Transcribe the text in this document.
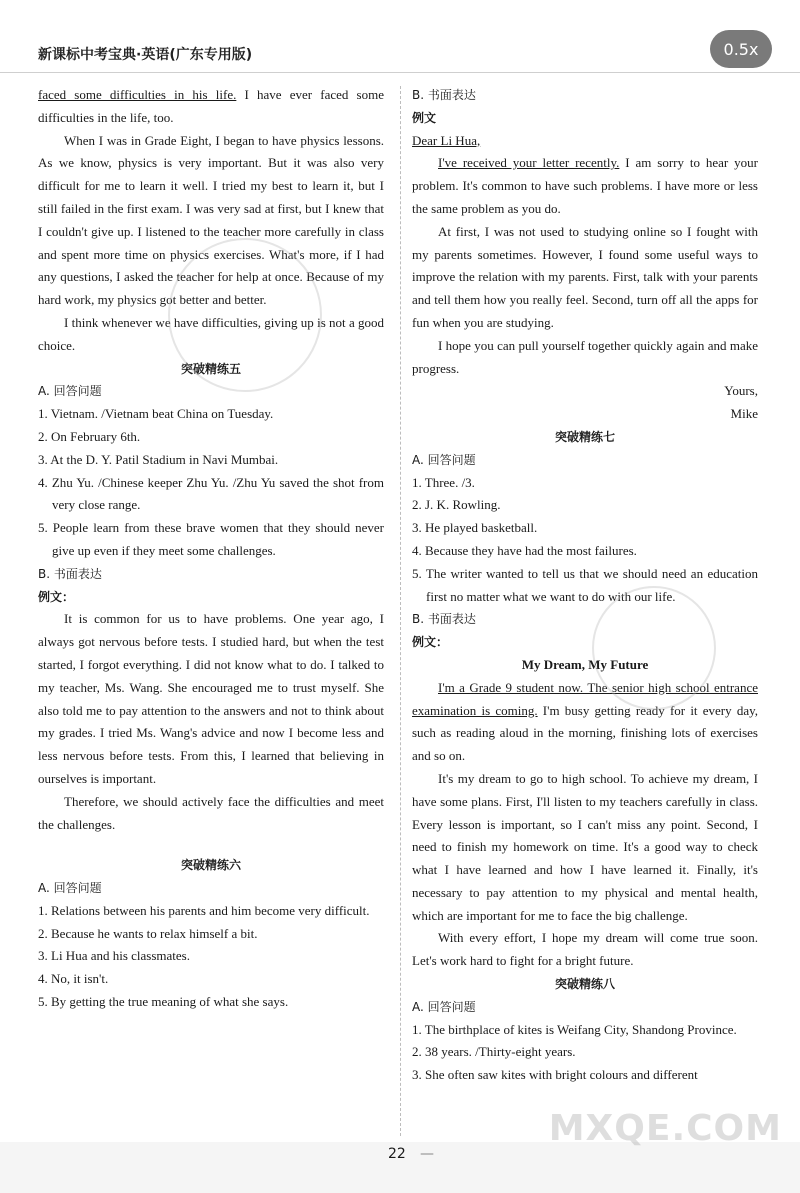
新课标中考宝典·英语(广东专用版)	0.5x

faced some difficulties in his life. I have ever faced some difficulties in the life, too.

When I was in Grade Eight, I began to have physics lessons. As we know, physics is very important. But it was also very difficult for me to learn it well. I tried my best to learn it, but I still failed in the first exam. I was very sad at first, but I knew that I couldn't give up. I listened to the teacher more carefully in class and spent more time on physics exercises. What's more, if I had any questions, I asked the teacher for help at once. Because of my hard work, my physics got better and better.

I think whenever we have difficulties, giving up is not a good choice.

突破精练五

A. 回答问题

1. Vietnam. /Vietnam beat China on Tuesday.

2. On February 6th.

3. At the D. Y. Patil Stadium in Navi Mumbai.

4. Zhu Yu. /Chinese keeper Zhu Yu. /Zhu Yu saved the shot from very close range.

5. People learn from these brave women that they should never give up even if they meet some challenges.

B. 书面表达

例文：

It is common for us to have problems. One year ago, I always got nervous before tests. I studied hard, but when the test started, I forgot everything. I did not know what to do. I talked to my teacher, Ms. Wang. She encouraged me to trust myself. She also told me to pay attention to the answers and not to think about my grades. I tried Ms. Wang's advice and now I become less and less nervous before tests. From this, I learned that believing in ourselves is important.

Therefore, we should actively face the difficulties and meet the challenges.

突破精练六

A. 回答问题

1. Relations between his parents and him become very difficult.

2. Because he wants to relax himself a bit.

3. Li Hua and his classmates.

4. No, it isn't.

5. By getting the true meaning of what she says.

B. 书面表达

例文

Dear Li Hua,

I've received your letter recently. I am sorry to hear your problem. It's common to have such problems. I have more or less the same problem as you do.

At first, I was not used to studying online so I fought with my parents sometimes. However, I found some useful ways to improve the relation with my parents. First, talk with your parents and tell them how you really feel. Second, turn off all the apps for fun when you are studying.

I hope you can pull yourself together quickly again and make progress.

Yours,

Mike

突破精练七

A. 回答问题

1. Three. /3.

2. J. K. Rowling.

3. He played basketball.

4. Because they have had the most failures.

5. The writer wanted to tell us that we should need an education first no matter what we want to do with our life.

B. 书面表达

例文：

My Dream, My Future

I'm a Grade 9 student now. The senior high school entrance examination is coming. I'm busy getting ready for it every day, such as reading aloud in the morning, finishing lots of exercises and so on.

It's my dream to go to high school. To achieve my dream, I have some plans. First, I'll listen to my teachers carefully in class. Every lesson is important, so I can't miss any point. Second, I need to finish my homework on time. It's a good way to check what I have learned and how I have learned it. Finally, it's necessary to pay attention to my physical and mental health, which are important for me to face the big challenge.

With every effort, I hope my dream will come true soon. Let's work hard to fight for a bright future.

突破精练八

A. 回答问题

1. The birthplace of kites is Weifang City, Shandong Province.

2. 38 years. /Thirty-eight years.

3. She often saw kites with bright colours and different

22 —
MXQE.COM
